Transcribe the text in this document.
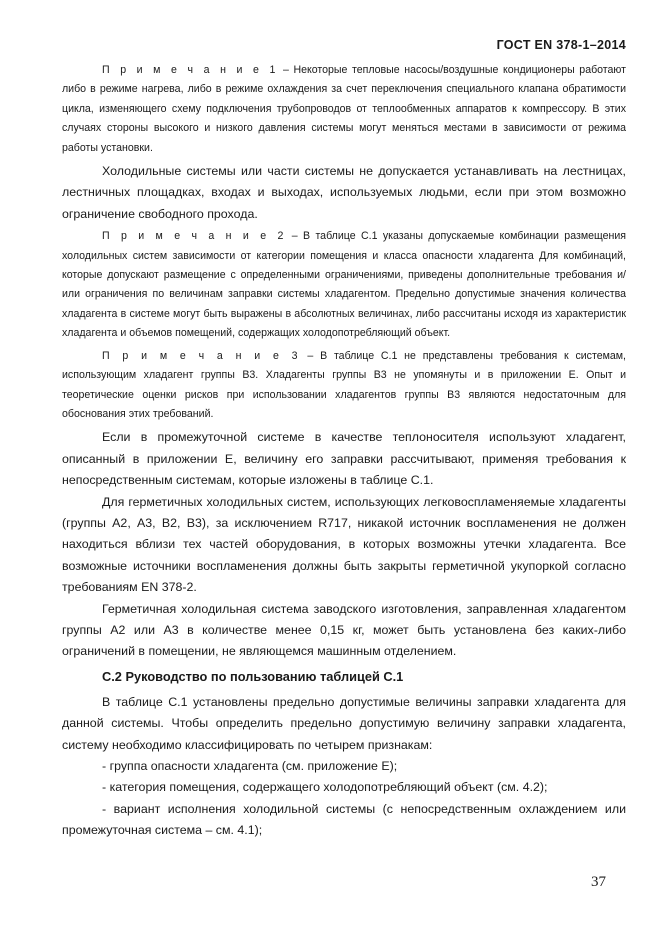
ГОСТ EN 378-1–2014

П р и м е ч а н и е 1 – Некоторые тепловые насосы/воздушные кондиционеры работают либо в режиме нагрева, либо в режиме охлаждения за счет переключения специального клапана обратимости цикла, изменяющего схему подключения трубопроводов от теплообменных аппаратов к компрессору. В этих случаях стороны высокого и низкого давления системы могут меняться местами в зависимости от режима работы установки.

Холодильные системы или части системы не допускается устанавливать на лестницах, лестничных площадках, входах и выходах, используемых людьми, если при этом возможно ограничение свободного прохода.

П р и м е ч а н и е 2 – В таблице С.1 указаны допускаемые комбинации размещения холодильных систем зависимости от категории помещения и класса опасности хладагента Для комбинаций, которые допускают размещение с определенными ограничениями, приведены дополнительные требования и/или ограничения по величинам заправки системы хладагентом. Предельно допустимые значения количества хладагента в системе могут быть выражены в абсолютных величинах, либо рассчитаны исходя из характеристик хладагента и объемов помещений, содержащих холодопотребляющий объект.

П р и м е ч а н и е 3 – В таблице С.1 не представлены требования к системам, использующим хладагент группы В3. Хладагенты группы В3 не упомянуты и в приложении Е. Опыт и теоретические оценки рисков при использовании хладагентов группы В3 являются недостаточным для обоснования этих требований.

Если в промежуточной системе в качестве теплоносителя используют хладагент, описанный в приложении Е, величину его заправки рассчитывают, применяя требования к непосредственным системам, которые изложены в таблице С.1.

Для герметичных холодильных систем, использующих легковоспламеняемые хладагенты (группы А2, А3, В2, В3), за исключением R717, никакой источник воспламенения не должен находиться вблизи тех частей оборудования, в которых возможны утечки хладагента. Все возможные источники воспламенения должны быть закрыты герметичной укупоркой согласно требованиям EN 378-2.

Герметичная холодильная система заводского изготовления, заправленная хладагентом группы А2 или А3 в количестве менее 0,15 кг, может быть установлена без каких-либо ограничений в помещении, не являющемся машинным отделением.

С.2 Руководство по пользованию таблицей С.1

В таблице С.1 установлены предельно допустимые величины заправки хладагента для данной системы. Чтобы определить предельно допустимую величину заправки хладагента, систему необходимо классифицировать по четырем признакам:

- группа опасности хладагента (см. приложение Е);

- категория помещения, содержащего холодопотребляющий объект (см. 4.2);

- вариант исполнения холодильной системы (с непосредственным охлаждением или промежуточная система – см. 4.1);

37
